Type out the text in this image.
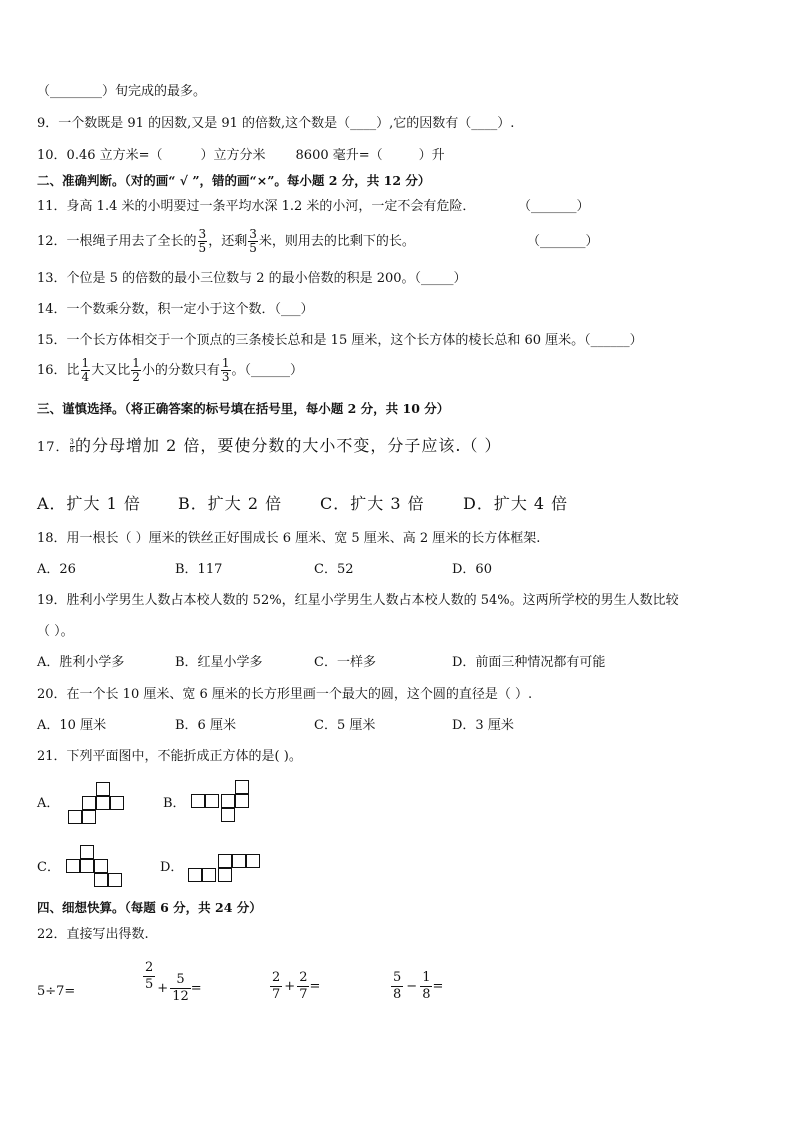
（________）旬完成的最多。
9．一个数既是 91 的因数,又是 91 的倍数,这个数是（____）,它的因数有（____）.
10．0.46 立方米=（	）立方分米 8600 毫升=（	）升
二、准确判断。（对的画“ √ ”，错的画“×”。每小题 2 分，共 12 分）
11．身高 1.4 米的小明要过一条平均水深 1.2 米的小河，一定不会有危险．	（_______）
12．一根绳子用去了全长的 $\frac{3}{5}$ ，还剩 $\frac{3}{5}$ 米，则用去的比剩下的长。	（_______）
13．个位是 5 的倍数的最小三位数与 2 的最小倍数的积是 200。（_____）
14．一个数乘分数，积一定小于这个数．（___）
15．一个长方体相交于一个顶点的三条棱长总和是 15 厘米，这个长方体的棱长总和 60 厘米。（______）
16．比 $\frac{1}{4}$ 大又比 $\frac{1}{2}$ 小的分数只有 $\frac{1}{3}$ 。（______）
三、谨慎选择。（将正确答案的标号填在括号里，每小题 2 分，共 10 分）
17． $\frac{3}{8}$ 的分母增加 2 倍，要使分数的大小不变，分子应该.（ ）
A．扩大 1 倍 B．扩大 2 倍 C．扩大 3 倍 D．扩大 4 倍
18．用一根长（ ）厘米的铁丝正好围成长 6 厘米、宽 5 厘米、高 2 厘米的长方体框架.
A．26	B．117	C．52	D．60
19．胜利小学男生人数占本校人数的 52%，红星小学男生人数占本校人数的 54%。这两所学校的男生人数比较
（ ）。
A．胜利小学多	B．红星小学多	C．一样多	D．前面三种情况都有可能
20．在一个长 10 厘米、宽 6 厘米的长方形里画一个最大的圆，这个圆的直径是（ ）.
A．10 厘米	B．6 厘米	C．5 厘米	D．3 厘米
21．下列平面图中，不能折成正方体的是( )。
A．	B．
C．	D．
四、细想快算。（每题 6 分，共 24 分）
22．直接写出得数.
5÷7=	$\frac{2}{5} + \frac{5}{12}$ =	$\frac{2}{7} + \frac{2}{7}$ =	$\frac{5}{8} - \frac{1}{8}$ =
